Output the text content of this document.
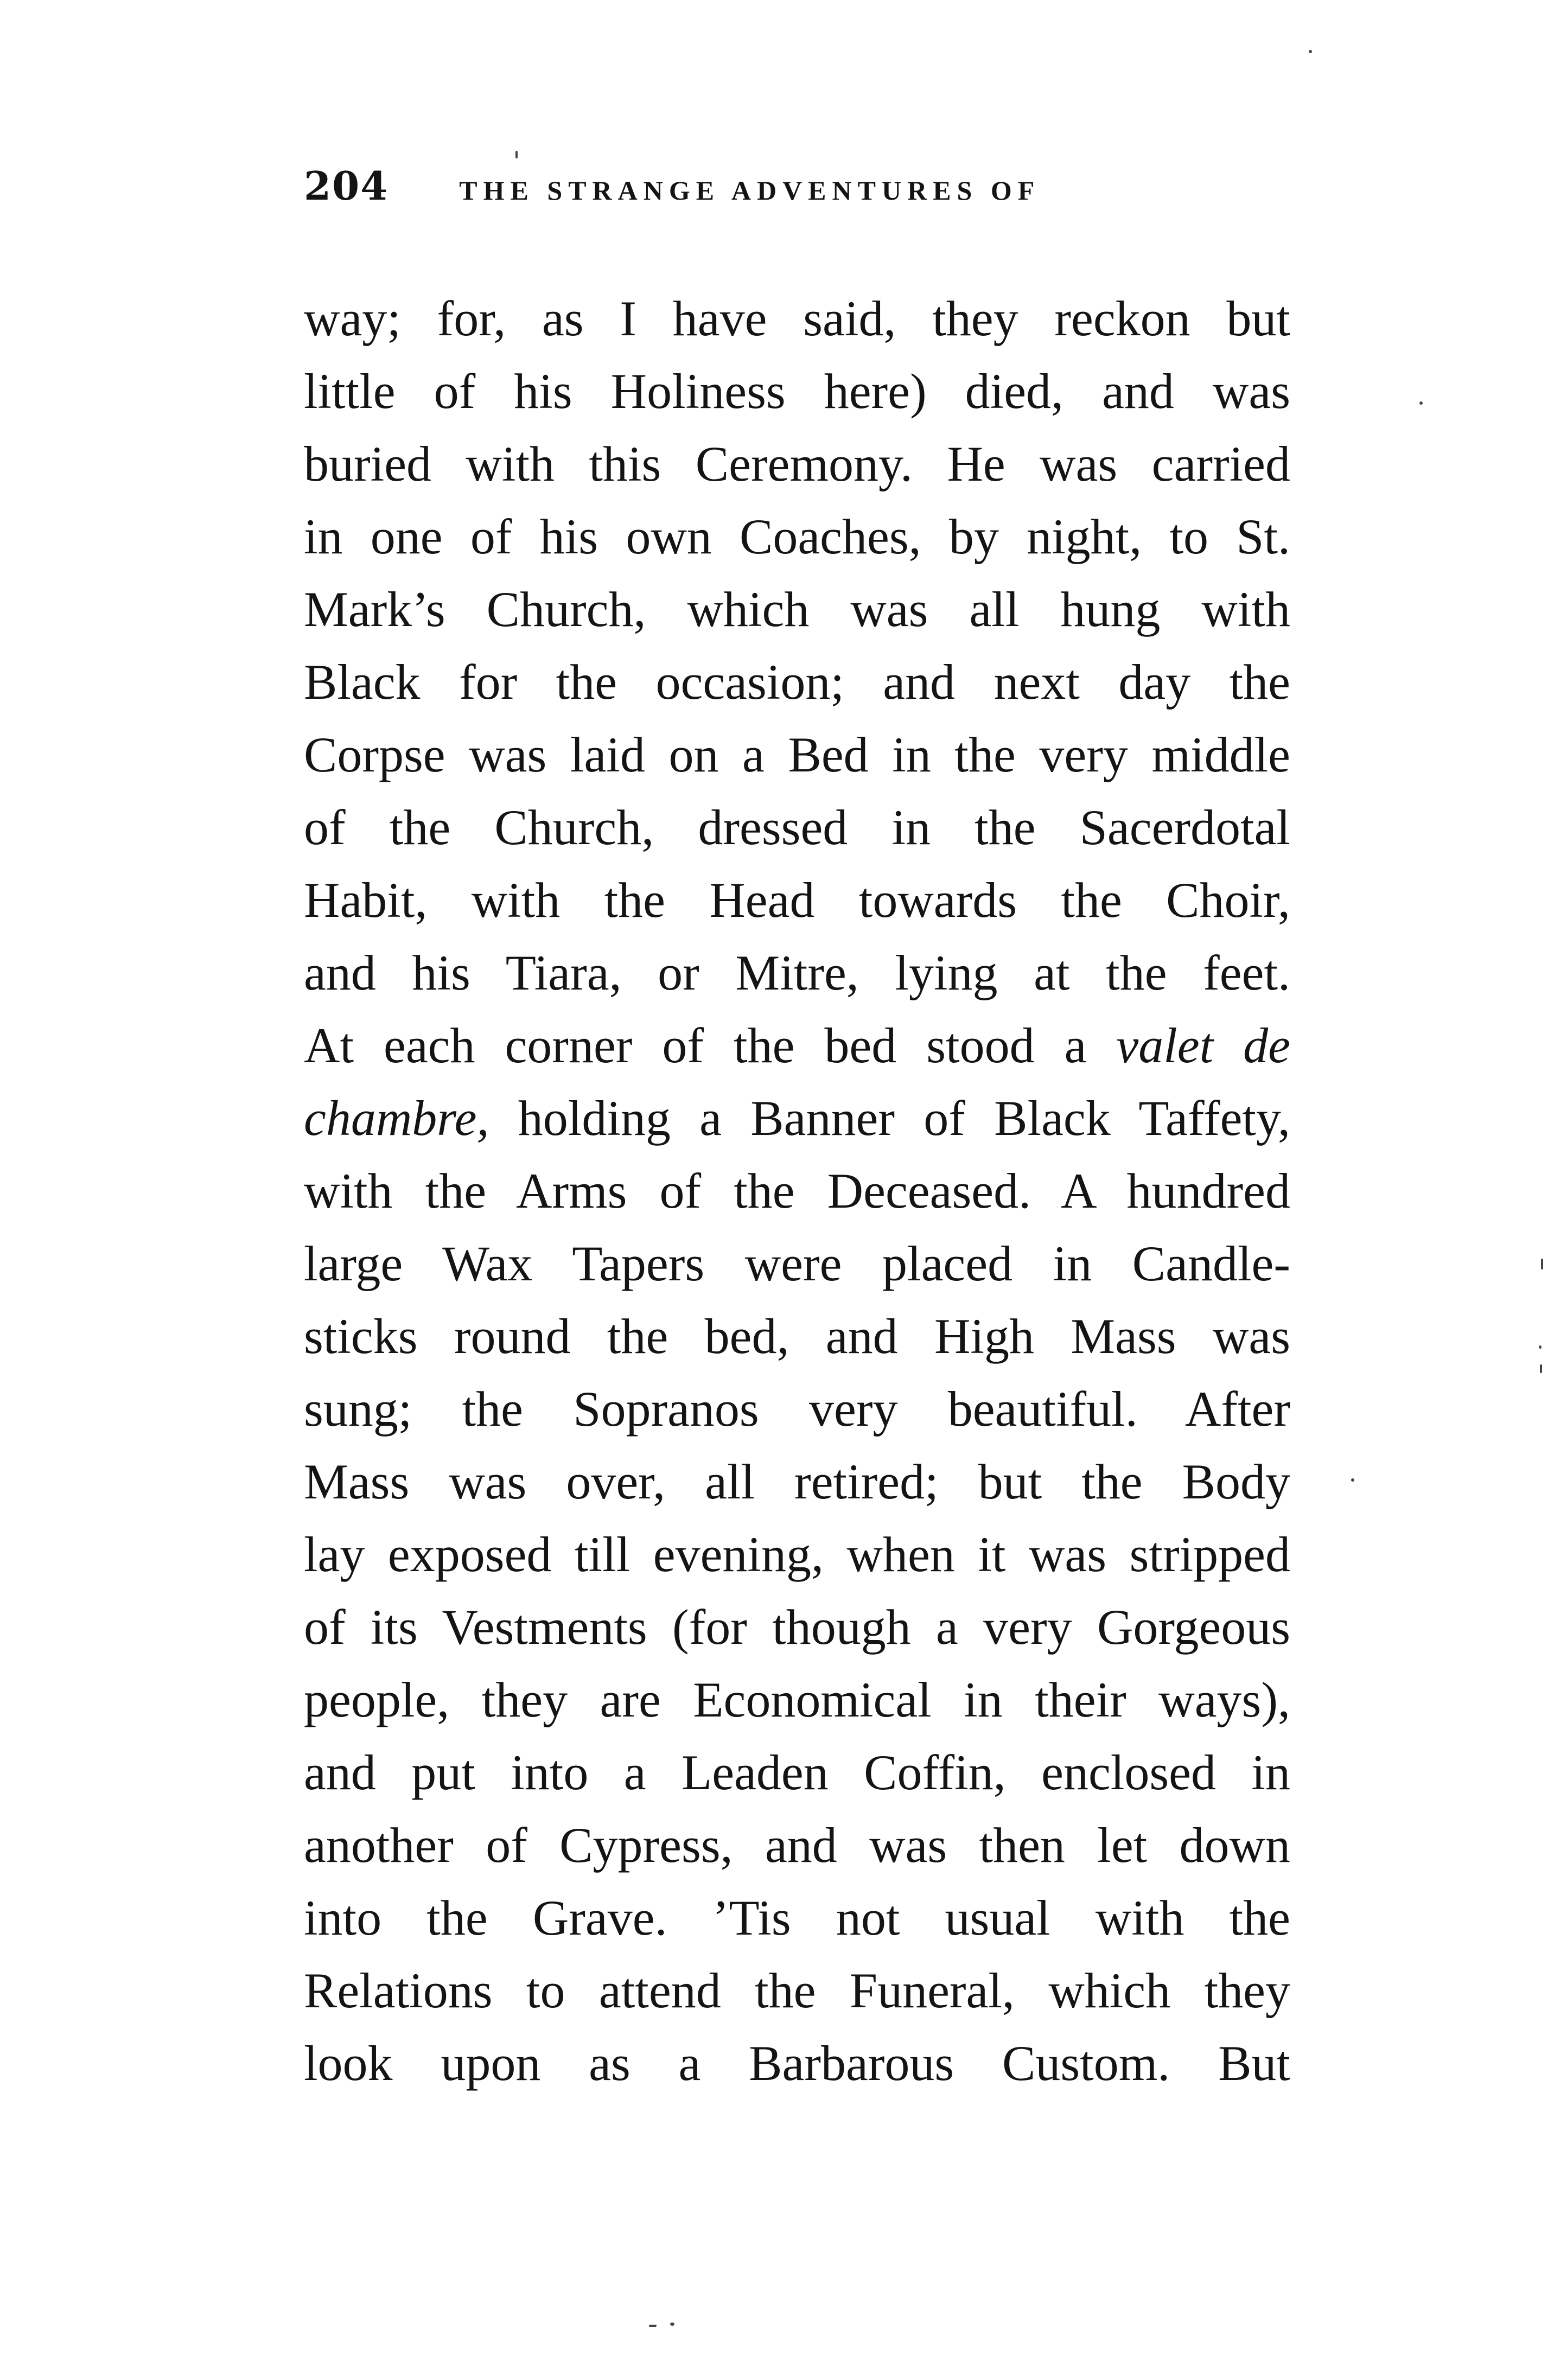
204	THE STRANGE ADVENTURES OF
way; for, as I have said, they reckon but
little of his Holiness here) died, and was
buried with this Ceremony. He was carried
in one of his own Coaches, by night, to St.
Mark’s Church, which was all hung with
Black for the occasion; and next day the
Corpse was laid on a Bed in the very middle
of the Church, dressed in the Sacerdotal
Habit, with the Head towards the Choir,
and his Tiara, or Mitre, lying at the feet.
At each corner of the bed stood a valet de
chambre, holding a Banner of Black Taffety,
with the Arms of the Deceased. A hundred
large Wax Tapers were placed in Candle-
sticks round the bed, and High Mass was
sung; the Sopranos very beautiful. After
Mass was over, all retired; but the Body
lay exposed till evening, when it was stripped
of its Vestments (for though a very Gorgeous
people, they are Economical in their ways),
and put into a Leaden Coffin, enclosed in
another of Cypress, and was then let down
into the Grave. ’Tis not usual with the
Relations to attend the Funeral, which they
look upon as a Barbarous Custom. But
